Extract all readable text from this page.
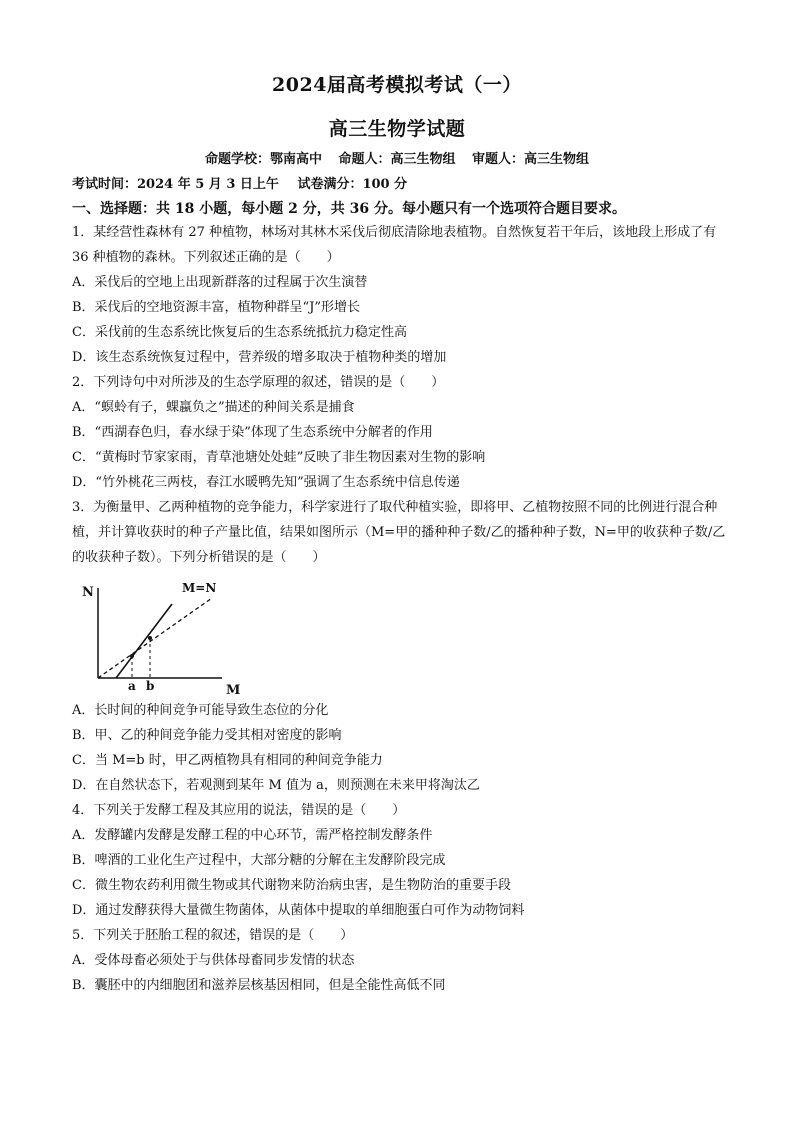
2024届高考模拟考试（一）
高三生物学试题
命题学校：鄂南高中 命题人：高三生物组 审题人：高三生物组
考试时间：2024 年 5 月 3 日上午 试卷满分：100 分
一、选择题：共 18 小题，每小题 2 分，共 36 分。每小题只有一个选项符合题目要求。

1．某经营性森林有 27 种植物，林场对其林木采伐后彻底清除地表植物。自然恢复若干年后，该地段上形成了有 36 种植物的森林。下列叙述正确的是（　　）

A．采伐后的空地上出现新群落的过程属于次生演替

B．采伐后的空地资源丰富，植物种群呈“J”形增长

C．采伐前的生态系统比恢复后的生态系统抵抗力稳定性高

D．该生态系统恢复过程中，营养级的增多取决于植物种类的增加

2．下列诗句中对所涉及的生态学原理的叙述，错误的是（　　）

A．“螟蛉有子，蜾蠃负之”描述的种间关系是捕食

B．“西湖春色归，春水绿于染”体现了生态系统中分解者的作用

C．“黄梅时节家家雨，青草池塘处处蛙”反映了非生物因素对生物的影响

D．“竹外桃花三两枝，春江水暖鸭先知”强调了生态系统中信息传递

3．为衡量甲、乙两种植物的竞争能力，科学家进行了取代种植实验，即将甲、乙植物按照不同的比例进行混合种植，并计算收获时的种子产量比值，结果如图所示（M=甲的播种种子数/乙的播种种子数，N=甲的收获种子数/乙的收获种子数）。下列分析错误的是（　　）

N
M
M=N
a b

A．长时间的种间竞争可能导致生态位的分化

B．甲、乙的种间竞争能力受其相对密度的影响

C．当 M=b 时，甲乙两植物具有相同的种间竞争能力

D．在自然状态下，若观测到某年 M 值为 a，则预测在未来甲将淘汰乙

4．下列关于发酵工程及其应用的说法，错误的是（　　）

A．发酵罐内发酵是发酵工程的中心环节，需严格控制发酵条件

B．啤酒的工业化生产过程中，大部分糖的分解在主发酵阶段完成

C．微生物农药利用微生物或其代谢物来防治病虫害，是生物防治的重要手段

D．通过发酵获得大量微生物菌体，从菌体中提取的单细胞蛋白可作为动物饲料

5．下列关于胚胎工程的叙述，错误的是（　　）

A．受体母畜必须处于与供体母畜同步发情的状态

B．囊胚中的内细胞团和滋养层核基因相同，但是全能性高低不同
